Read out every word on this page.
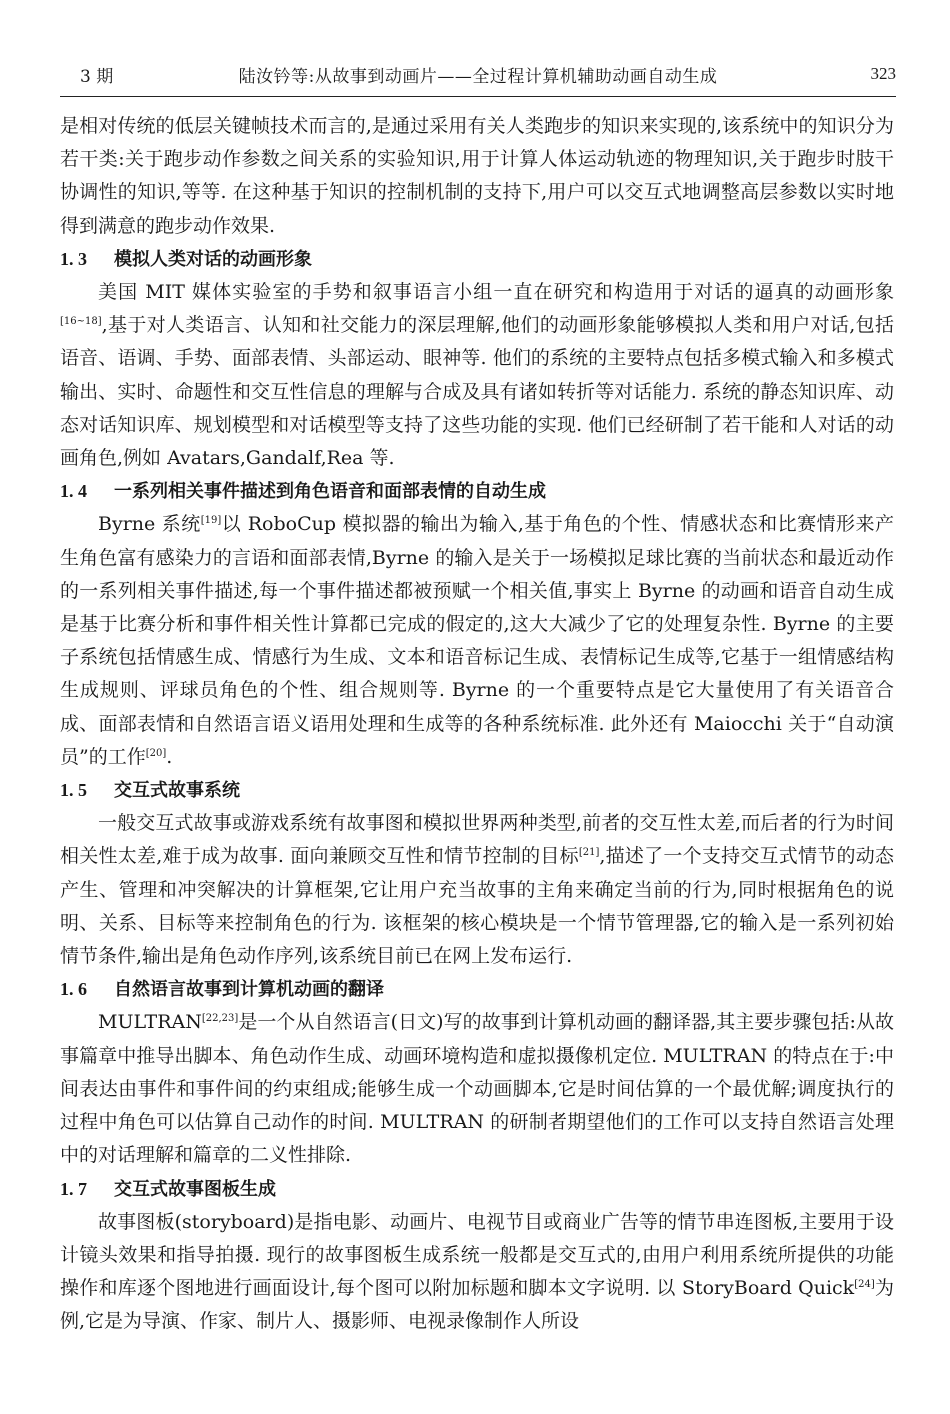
3 期	陆汝钤等:从故事到动画片——全过程计算机辅助动画自动生成	323

是相对传统的低层关键帧技术而言的,是通过采用有关人类跑步的知识来实现的,该系统中的知识分为若干类:关于跑步动作参数之间关系的实验知识,用于计算人体运动轨迹的物理知识,关于跑步时肢干协调性的知识,等等. 在这种基于知识的控制机制的支持下,用户可以交互式地调整高层参数以实时地得到满意的跑步动作效果.

1. 3 模拟人类对话的动画形象

美国 MIT 媒体实验室的手势和叙事语言小组一直在研究和构造用于对话的逼真的动画形象[16~18],基于对人类语言、认知和社交能力的深层理解,他们的动画形象能够模拟人类和用户对话,包括语音、语调、手势、面部表情、头部运动、眼神等. 他们的系统的主要特点包括多模式输入和多模式输出、实时、命题性和交互性信息的理解与合成及具有诸如转折等对话能力. 系统的静态知识库、动态对话知识库、规划模型和对话模型等支持了这些功能的实现. 他们已经研制了若干能和人对话的动画角色,例如 Avatars,Gandalf,Rea 等.

1. 4 一系列相关事件描述到角色语音和面部表情的自动生成

Byrne 系统[19]以 RoboCup 模拟器的输出为输入,基于角色的个性、情感状态和比赛情形来产生角色富有感染力的言语和面部表情,Byrne 的输入是关于一场模拟足球比赛的当前状态和最近动作的一系列相关事件描述,每一个事件描述都被预赋一个相关值,事实上 Byrne 的动画和语音自动生成是基于比赛分析和事件相关性计算都已完成的假定的,这大大减少了它的处理复杂性. Byrne 的主要子系统包括情感生成、情感行为生成、文本和语音标记生成、表情标记生成等,它基于一组情感结构生成规则、评球员角色的个性、组合规则等. Byrne 的一个重要特点是它大量使用了有关语音合成、面部表情和自然语言语义语用处理和生成等的各种系统标准. 此外还有 Maiocchi 关于“自动演员”的工作[20].

1. 5 交互式故事系统

一般交互式故事或游戏系统有故事图和模拟世界两种类型,前者的交互性太差,而后者的行为时间相关性太差,难于成为故事. 面向兼顾交互性和情节控制的目标[21],描述了一个支持交互式情节的动态产生、管理和冲突解决的计算框架,它让用户充当故事的主角来确定当前的行为,同时根据角色的说明、关系、目标等来控制角色的行为. 该框架的核心模块是一个情节管理器,它的输入是一系列初始情节条件,输出是角色动作序列,该系统目前已在网上发布运行.

1. 6 自然语言故事到计算机动画的翻译

MULTRAN[22,23]是一个从自然语言(日文)写的故事到计算机动画的翻译器,其主要步骤包括:从故事篇章中推导出脚本、角色动作生成、动画环境构造和虚拟摄像机定位. MULTRAN 的特点在于:中间表达由事件和事件间的约束组成;能够生成一个动画脚本,它是时间估算的一个最优解;调度执行的过程中角色可以估算自己动作的时间. MULTRAN 的研制者期望他们的工作可以支持自然语言处理中的对话理解和篇章的二义性排除.

1. 7 交互式故事图板生成

故事图板(storyboard)是指电影、动画片、电视节目或商业广告等的情节串连图板,主要用于设计镜头效果和指导拍摄. 现行的故事图板生成系统一般都是交互式的,由用户利用系统所提供的功能操作和库逐个图地进行画面设计,每个图可以附加标题和脚本文字说明. 以 StoryBoard Quick[24]为例,它是为导演、作家、制片人、摄影师、电视录像制作人所设
